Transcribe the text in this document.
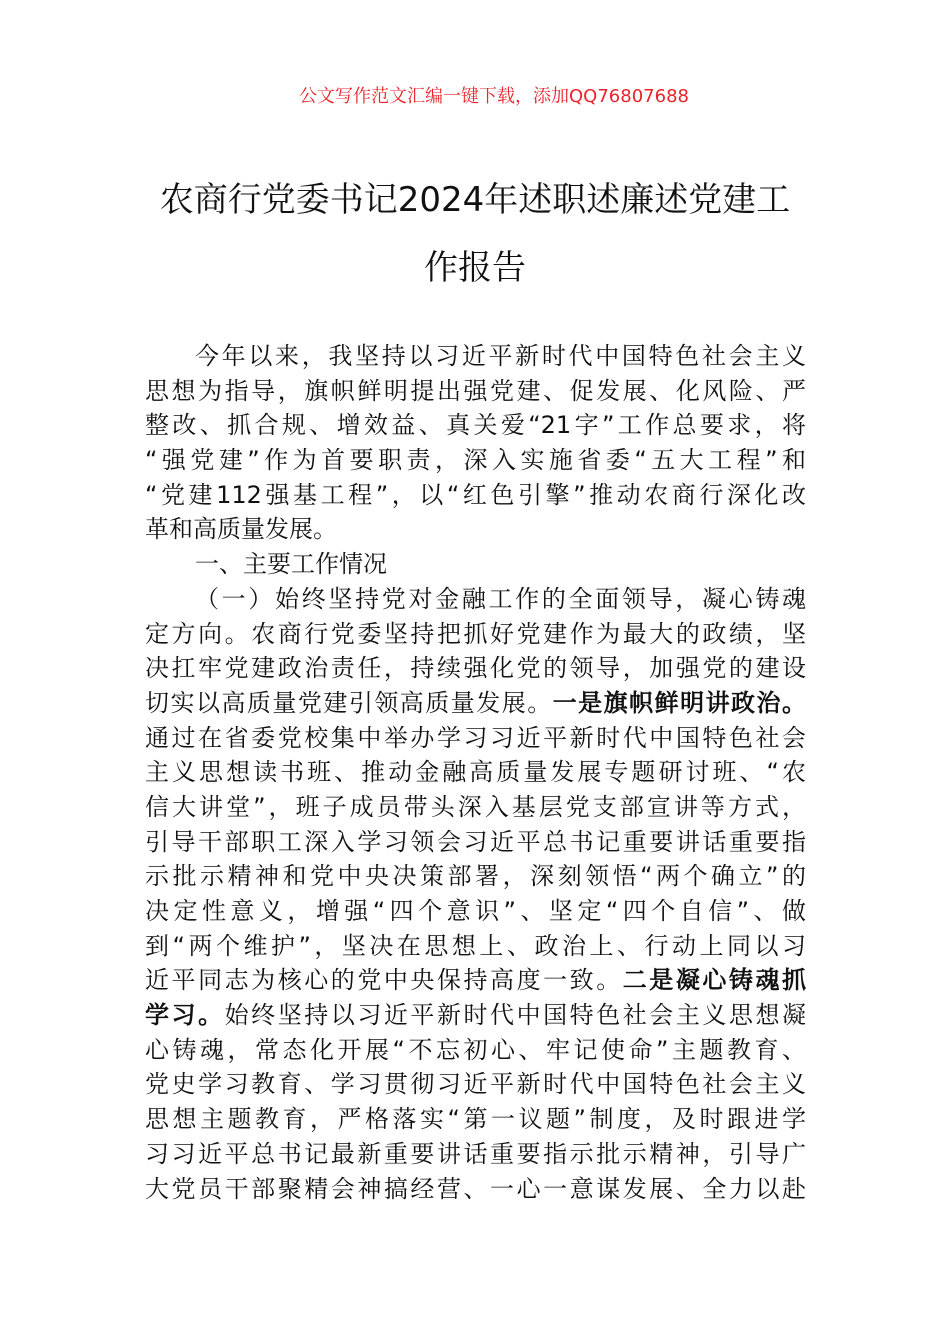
公文写作范文汇编一键下载，添加QQ76807688
农商行党委书记2024年述职述廉述党建工
作报告
今年以来，我坚持以习近平新时代中国特色社会主义
思想为指导，旗帜鲜明提出强党建、促发展、化风险、严
整改、抓合规、增效益、真关爱“21字”工作总要求，将
“强党建”作为首要职责，深入实施省委“五大工程”和
“党建112强基工程”，以“红色引擎”推动农商行深化改
革和高质量发展。
一、主要工作情况
（一）始终坚持党对金融工作的全面领导，凝心铸魂
定方向。农商行党委坚持把抓好党建作为最大的政绩，坚
决扛牢党建政治责任，持续强化党的领导，加强党的建设
切实以高质量党建引领高质量发展。一是旗帜鲜明讲政治。
通过在省委党校集中举办学习习近平新时代中国特色社会
主义思想读书班、推动金融高质量发展专题研讨班、“农
信大讲堂”，班子成员带头深入基层党支部宣讲等方式，
引导干部职工深入学习领会习近平总书记重要讲话重要指
示批示精神和党中央决策部署，深刻领悟“两个确立”的
决定性意义，增强“四个意识”、坚定“四个自信”、做
到“两个维护”，坚决在思想上、政治上、行动上同以习
近平同志为核心的党中央保持高度一致。二是凝心铸魂抓
学习。始终坚持以习近平新时代中国特色社会主义思想凝
心铸魂，常态化开展“不忘初心、牢记使命”主题教育、
党史学习教育、学习贯彻习近平新时代中国特色社会主义
思想主题教育，严格落实“第一议题”制度，及时跟进学
习习近平总书记最新重要讲话重要指示批示精神，引导广
大党员干部聚精会神搞经营、一心一意谋发展、全力以赴
